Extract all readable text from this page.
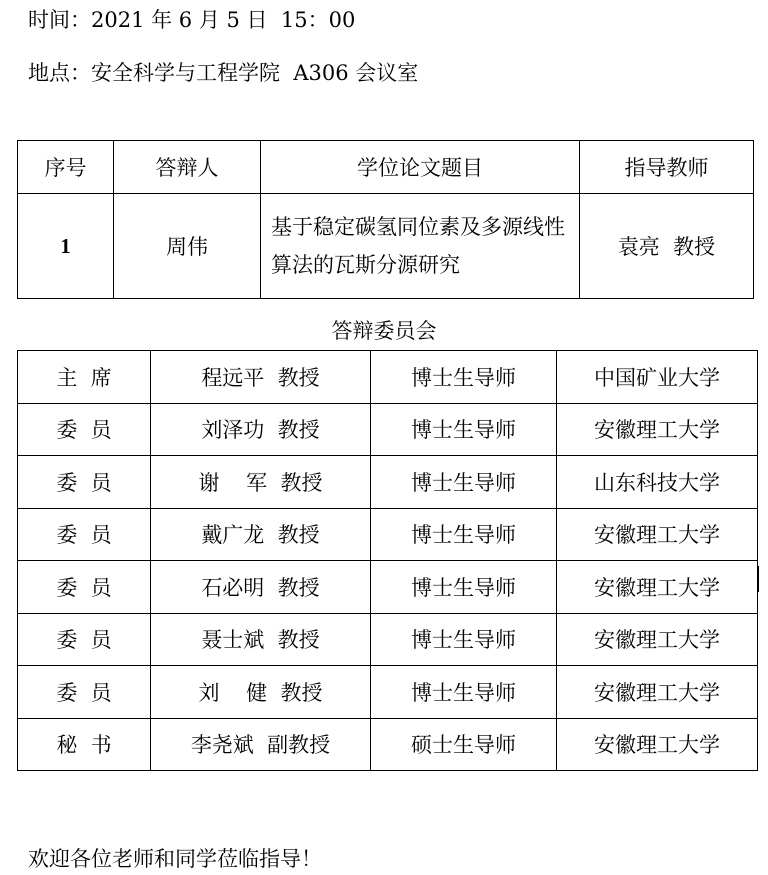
时间：2021 年 6 月 5 日  15：00
地点：安全科学与工程学院  A306 会议室
序号	答辩人	学位论文题目	指导教师
1	周伟	基于稳定碳氢同位素及多源线性算法的瓦斯分源研究	袁亮  教授
答辩委员会
主  席	程远平  教授	博士生导师	中国矿业大学
委  员	刘泽功  教授	博士生导师	安徽理工大学
委  员	谢    军  教授	博士生导师	山东科技大学
委  员	戴广龙  教授	博士生导师	安徽理工大学
委  员	石必明  教授	博士生导师	安徽理工大学
委  员	聂士斌  教授	博士生导师	安徽理工大学
委  员	刘    健  教授	博士生导师	安徽理工大学
秘  书	李尧斌  副教授	硕士生导师	安徽理工大学
欢迎各位老师和同学莅临指导！
